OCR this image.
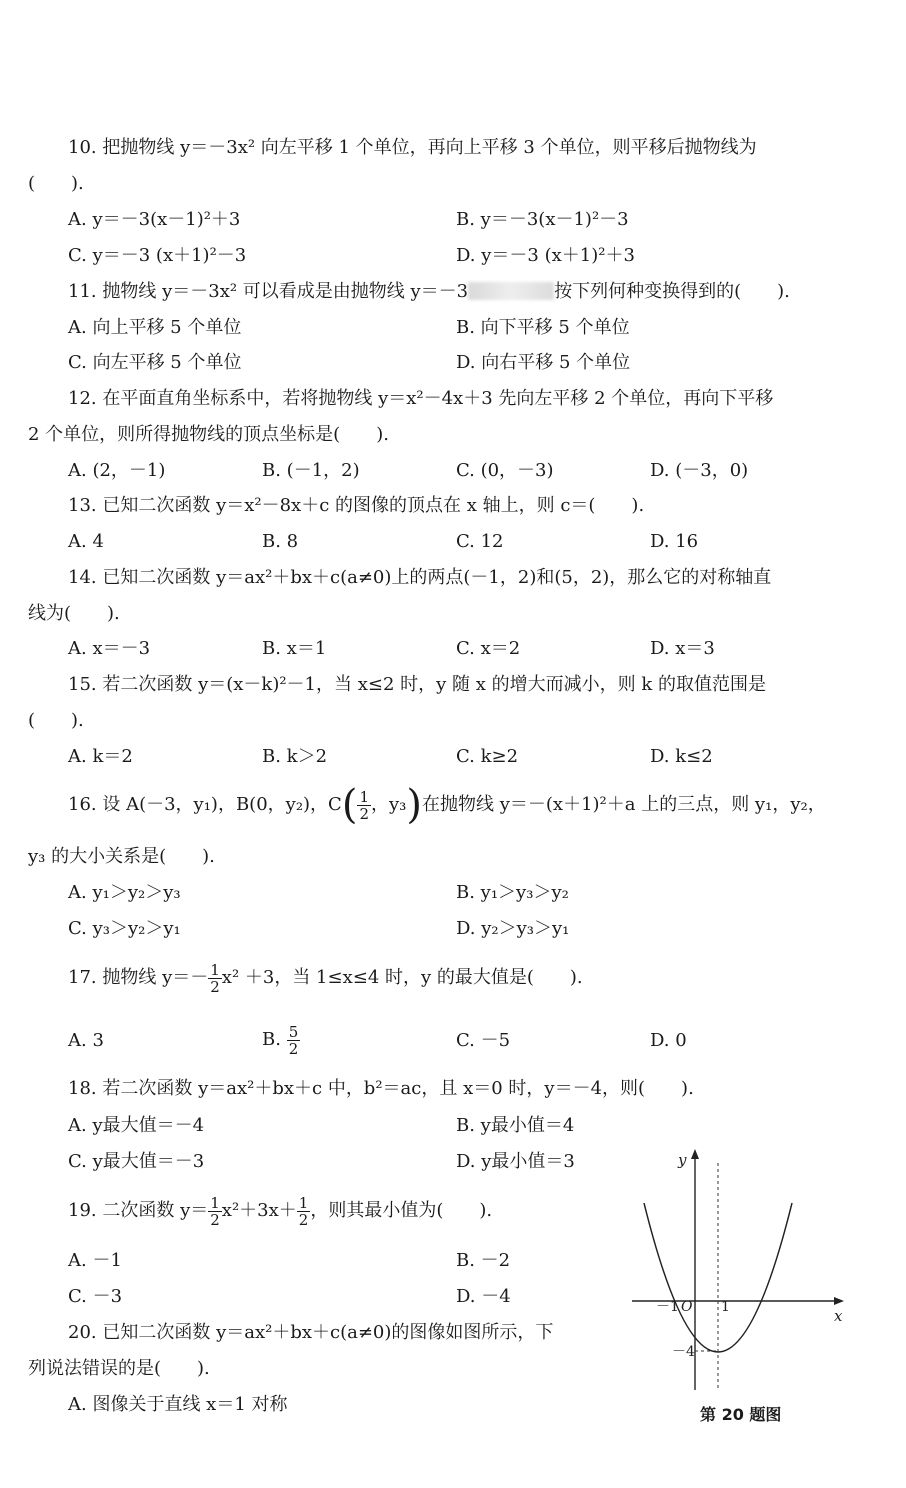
10. 把抛物线 y＝－3x² 向左平移 1 个单位，再向上平移 3 个单位，则平移后抛物线为
(　　).
A. y＝－3(x－1)²＋3	B. y＝－3(x－1)²－3
C. y＝－3 (x＋1)²－3	D. y＝－3 (x＋1)²＋3
11. 抛物线 y＝－3x² 可以看成是由抛物线 y＝－3	按下列何种变换得到的(　　).
A. 向上平移 5 个单位	B. 向下平移 5 个单位
C. 向左平移 5 个单位	D. 向右平移 5 个单位
12. 在平面直角坐标系中，若将抛物线 y＝x²－4x＋3 先向左平移 2 个单位，再向下平移
2 个单位，则所得抛物线的顶点坐标是(　　).
A. (2，－1)	B. (－1，2)	C. (0，－3)	D. (－3，0)
13. 已知二次函数 y＝x²－8x＋c 的图像的顶点在 x 轴上，则 c＝(　　).
A. 4	B. 8	C. 12	D. 16
14. 已知二次函数 y＝ax²＋bx＋c(a≠0)上的两点(－1，2)和(5，2)，那么它的对称轴直
线为(　　).
A. x＝－3	B. x＝1	C. x＝2	D. x＝3
15. 若二次函数 y＝(x－k)²－1，当 x≤2 时，y 随 x 的增大而减小，则 k 的取值范围是
(　　).
A. k＝2	B. k＞2	C. k≥2	D. k≤2
16. 设 A(－3，y₁)，B(0，y₂)，$C( \frac{1}{2}$ ，y₃)在抛物线 y＝－(x＋1)²＋a 上的三点，则 y₁，y₂，
y₃ 的大小关系是(　　).
A. y₁＞y₂＞y₃	B. y₁＞y₃＞y₂
C. y₃＞y₂＞y₁	D. y₂＞y₃＞y₁
17. 抛物线 $y=- \frac{1}{2} x^2 +3$，当 1≤x≤4 时，y 的最大值是(　　).
A. 3	B. $\frac{5}{2}$	C. －5	D. 0
18. 若二次函数 y＝ax²＋bx＋c 中，b²＝ac，且 x＝0 时，y＝－4，则(　　).
A. y最大值＝－4	B. y最小值＝4
C. y最大值＝－3	D. y最小值＝3
19. 二次函数 $y= \frac{1}{2} x^2+3x+ \frac{1}{2}$ ，则其最小值为(　　).
A. －1	B. －2
C. －3	D. －4
20. 已知二次函数 y＝ax²＋bx＋c(a≠0)的图像如图所示，下
列说法错误的是(　　).
A. 图像关于直线 x＝1 对称
y
x
O
－1	1
－4
第 20 题图
